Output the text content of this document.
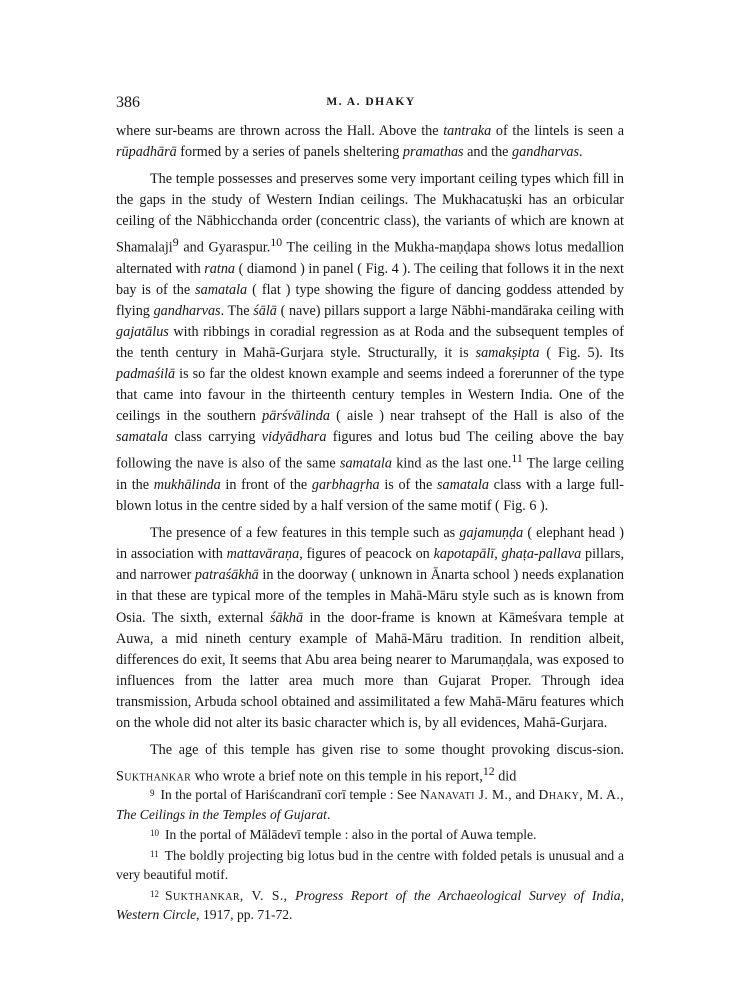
386	M. A. DHAKY

where sur-beams are thrown across the Hall. Above the tantraka of the lintels is seen a rūpadhārā formed by a series of panels sheltering pramathas and the gandharvas.

The temple possesses and preserves some very important ceiling types which fill in the gaps in the study of Western Indian ceilings. The Mukhacatuṣki has an orbicular ceiling of the Nābhicchanda order (concentric class), the variants of which are known at Shamalaji$^9$ and Gyaraspur.$^{10}$ The ceiling in the Mukha-maṇḍapa shows lotus medallion alternated with ratna ( diamond ) in panel ( Fig. 4 ). The ceiling that follows it in the next bay is of the samatala ( flat ) type showing the figure of dancing goddess attended by flying gandharvas. The śālā ( nave) pillars support a large Nābhi-mandāraka ceiling with gajatālus with ribbings in coradial regression as at Roda and the subsequent temples of the tenth century in Mahā-Gurjara style. Structurally, it is samakṣipta ( Fig. 5). Its padmaśilā is so far the oldest known example and seems indeed a forerunner of the type that came into favour in the thirteenth century temples in Western India. One of the ceilings in the southern pārśvālinda ( aisle ) near trahsept of the Hall is also of the samatala class carrying vidyādhara figures and lotus bud The ceiling above the bay following the nave is also of the same samatala kind as the last one.$^{11}$ The large ceiling in the mukhālinda in front of the garbhagṛha is of the samatala class with a large full-blown lotus in the centre sided by a half version of the same motif ( Fig. 6 ).

The presence of a few features in this temple such as gajamuṇḍa ( elephant head ) in association with mattavāraṇa, figures of peacock on kapotapālī, ghaṭa-pallava pillars, and narrower patraśākhā in the doorway ( unknown in Ānarta school ) needs explanation in that these are typical more of the temples in Mahā-Māru style such as is known from Osia. The sixth, external śākhā in the door-frame is known at Kāmeśvara temple at Auwa, a mid nineth century example of Mahā-Māru tradition. In rendition albeit, differences do exit, It seems that Abu area being nearer to Marumaṇḍala, was exposed to influences from the latter area much more than Gujarat Proper. Through idea transmission, Arbuda school obtained and assimilitated a few Mahā-Māru features which on the whole did not alter its basic character which is, by all evidences, Mahā-Gurjara.

The age of this temple has given rise to some thought provoking discus-sion. Sukthankar who wrote a brief note on this temple in his report,$^{12}$ did

$^9$ In the portal of Hariścandranī corī temple : See Nanavati J. M., and Dhaky, M. A., The Ceilings in the Temples of Gujarat.

$^{10}$ In the portal of Mālādevī temple : also in the portal of Auwa temple.

$^{11}$ The boldly projecting big lotus bud in the centre with folded petals is unusual and a very beautiful motif.

$^{12}$ Sukthankar, V. S., Progress Report of the Archaeological Survey of India, Western Circle, 1917, pp. 71-72.
